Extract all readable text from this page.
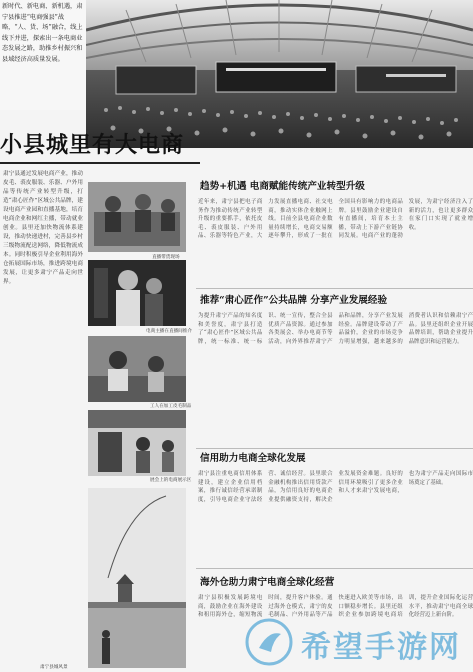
新时代、新电商、新机遇，肃宁县推进“电商强县”战略，“人、货、场”融合，线上线下并进，探索出一条电商业态发展之路，助推乡村振兴和县域经济高质量发展。
小县城里有大电商
肃宁县通过发展电商产业，推动皮毛、裘皮服装、乐器、户外用品等传统产业转型升级，打造“肃心匠作”区域公共品牌，建设电商产业园和直播基地，培育电商企业和网红主播，带动就业创业。县里还加快物流体系建设，推动快递进村，完善县乡村三级物流配送网络，降低物流成本。同时积极引导企业利用海外仓拓展国际市场，推进跨境电商发展，让更多肃宁产品走向世界。
直播带货现场
电商主播在直播间推介
工人在加工皮毛制品
展会上的电商展示区
肃宁县城风景
趋势+机遇 电商赋能传统产业转型升级
近年来，肃宁县把电子商务作为推动传统产业转型升级的重要抓手，依托皮毛、裘皮服装、户外用品、乐器等特色产业，大力发展直播电商、社交电商，推动实体企业触网上线。目前全县电商企业数量持续增长，电商交易额逐年攀升，形成了一批在全国具有影响力的电商品牌。县里鼓励企业建设自有直播间，培育本土主播，带动上下游产业链协同发展。电商产业的蓬勃发展，为肃宁经济注入了新的活力，也让更多群众在家门口实现了就业增收。
推荐“肃心匠作”公共品牌 分享产业发展经验
为提升肃宁产品的知名度和美誉度，肃宁县打造了“肃心匠作”区域公共品牌，统一标准、统一标识、统一宣传，整合全县优质产品资源。通过参加各类展会、举办电商节等活动，向外界推荐肃宁产品和品牌，分享产业发展经验。品牌建设带动了产品溢价，企业的市场竞争力明显增强，越来越多的消费者认识和信赖肃宁产品。县里还组织企业开展品牌培训，帮助企业提升品牌意识和运营能力。
信用助力电商全球化发展
肃宁县注重电商信用体系建设，建立企业信用档案，推行诚信经营承诺制度，引导电商企业守法经营、诚信经营。县里联合金融机构推出信用贷款产品，为信用良好的电商企业提供融资支持，解决企业发展资金难题。良好的信用环境吸引了更多企业和人才来肃宁发展电商，也为肃宁产品走向国际市场奠定了基础。
海外仓助力肃宁电商全球化经营
肃宁县积极发展跨境电商，鼓励企业在海外建设和租用海外仓，缩短物流时间，提升客户体验。通过海外仓模式，肃宁的皮毛制品、户外用品等产品快速进入欧美等市场，出口额稳步增长。县里还组织企业参加跨境电商培训，提升企业国际化运营水平，推动肃宁电商全球化经营迈上新台阶。
希望手游网
